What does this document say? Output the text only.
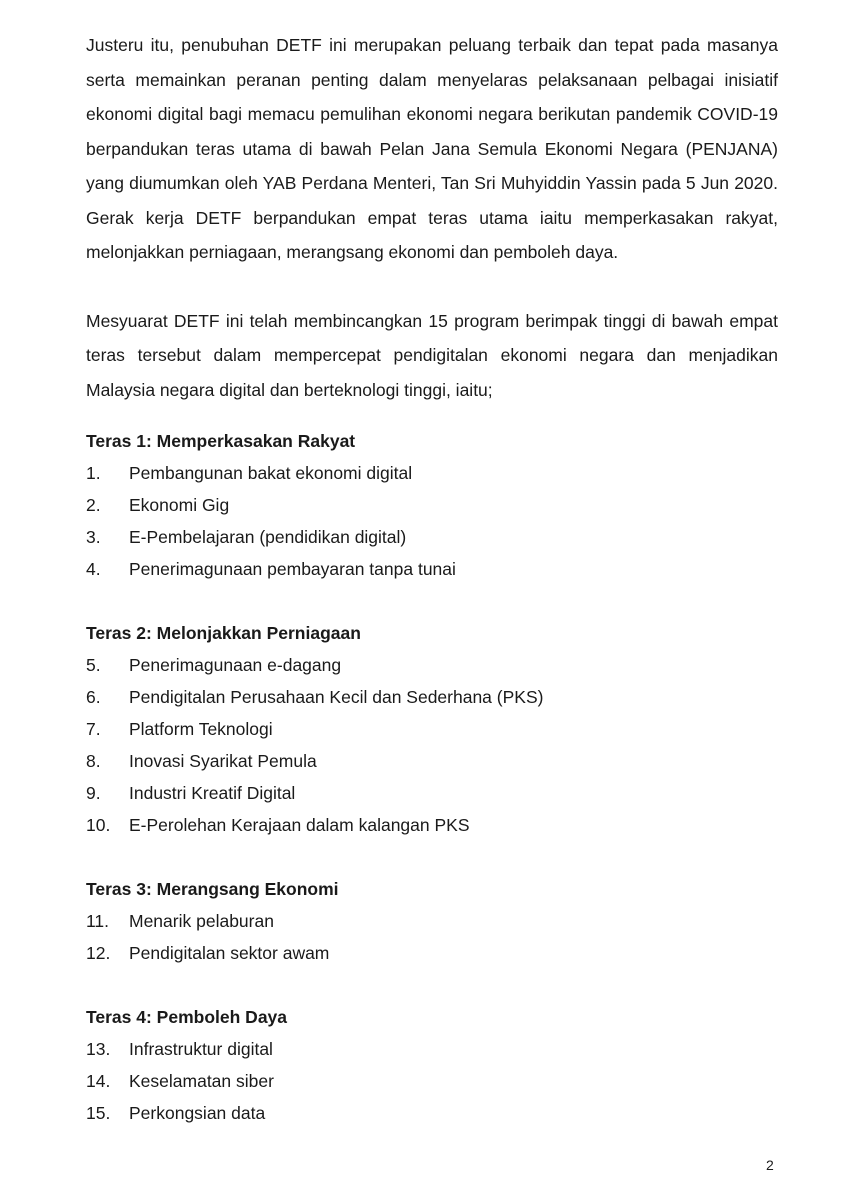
Justeru itu, penubuhan DETF ini merupakan peluang terbaik dan tepat pada masanya serta memainkan peranan penting dalam menyelaras pelaksanaan pelbagai inisiatif ekonomi digital bagi memacu pemulihan ekonomi negara berikutan pandemik COVID-19 berpandukan teras utama di bawah Pelan Jana Semula Ekonomi Negara (PENJANA) yang diumumkan oleh YAB Perdana Menteri, Tan Sri Muhyiddin Yassin pada 5 Jun 2020. Gerak kerja DETF berpandukan empat teras utama iaitu memperkasakan rakyat, melonjakkan perniagaan, merangsang ekonomi dan pemboleh daya.

Mesyuarat DETF ini telah membincangkan 15 program berimpak tinggi di bawah empat teras tersebut dalam mempercepat pendigitalan ekonomi negara dan menjadikan Malaysia negara digital dan berteknologi tinggi, iaitu;

Teras 1: Memperkasakan Rakyat

1.	Pembangunan bakat ekonomi digital
2.	Ekonomi Gig
3.	E-Pembelajaran (pendidikan digital)
4.	Penerimagunaan pembayaran tanpa tunai

Teras 2: Melonjakkan Perniagaan

5.	Penerimagunaan e-dagang
6.	Pendigitalan Perusahaan Kecil dan Sederhana (PKS)
7.	Platform Teknologi
8.	Inovasi Syarikat Pemula
9.	Industri Kreatif Digital
10.	E-Perolehan Kerajaan dalam kalangan PKS

Teras 3: Merangsang Ekonomi

11.	Menarik pelaburan
12.	Pendigitalan sektor awam

Teras 4: Pemboleh Daya

13.	Infrastruktur digital
14.	Keselamatan siber
15.	Perkongsian data
2
